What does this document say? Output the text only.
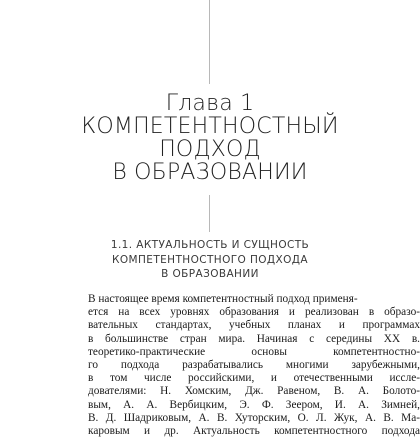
Глава 1
КОМПЕТЕНТНОСТНЫЙ
ПОДХОД
В ОБРАЗОВАНИИ
1.1. АКТУАЛЬНОСТЬ И СУЩНОСТЬ
КОМПЕТЕНТНОСТНОГО ПОДХОДА
В ОБРАЗОВАНИИ
В настоящее время компетентностный подход применя-
ется на всех уровнях образования и реализован в образо-
вательных стандартах, учебных планах и программах
в большинстве стран мира. Начиная с середины XX в.
теоретико-практические основы компетентностно-
го подхода разрабатывались многими зарубежными,
в том числе российскими, и отечественными иссле-
дователями: Н. Хомским, Дж. Равеном, В. А. Болото-
вым, А. А. Вербицким, Э. Ф. Зеером, И. А. Зимней,
В. Д. Шадриковым, А. В. Хуторским, О. Л. Жук, А. В. Ма-
каровым и др. Актуальность компетентностного подхода
